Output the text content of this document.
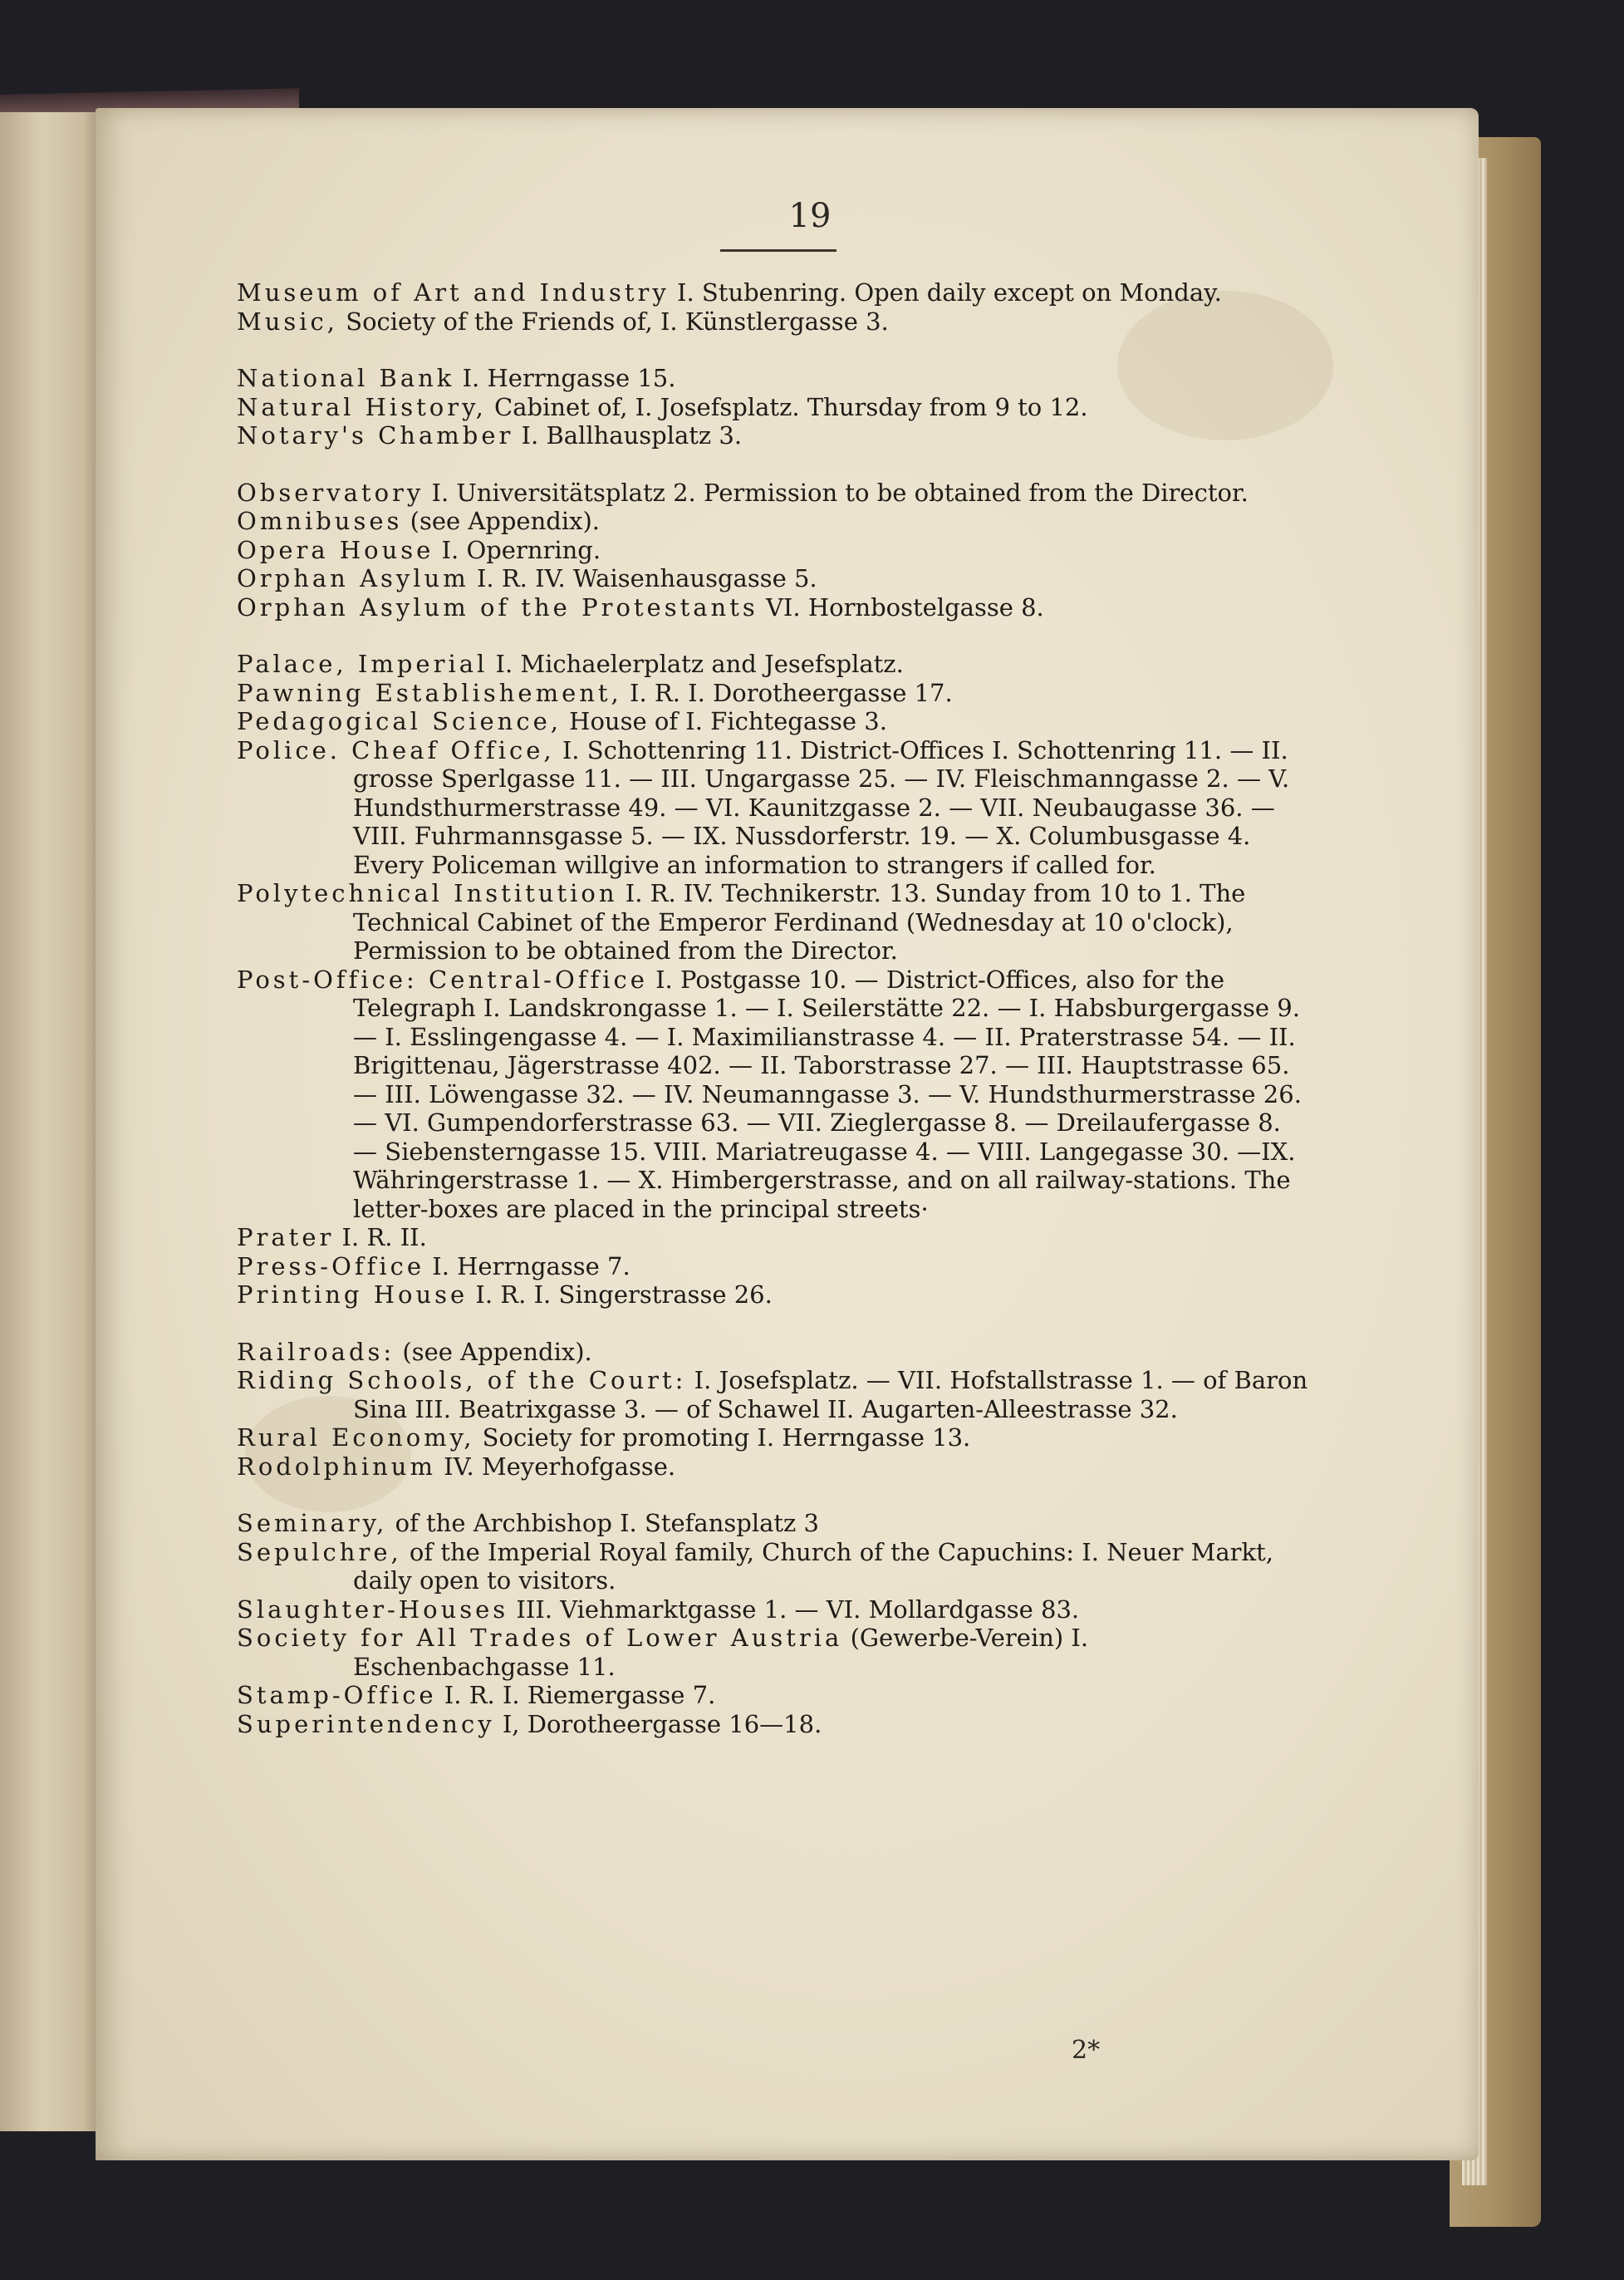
19
Museum of Art and Industry I. Stubenring. Open daily except on Monday.
Music, Society of the Friends of, I. Künstlergasse 3.
National Bank I. Herrngasse 15.
Natural History, Cabinet of, I. Josefsplatz. Thursday from 9 to 12.
Notary's Chamber I. Ballhausplatz 3.
Observatory I. Universitätsplatz 2. Permission to be obtained from the Director.
Omnibuses (see Appendix).
Opera House I. Opernring.
Orphan Asylum I. R. IV. Waisenhausgasse 5.
Orphan Asylum of the Protestants VI. Hornbostelgasse 8.
Palace, Imperial I. Michaelerplatz and Jesefsplatz.
Pawning Establishement, I. R. I. Dorotheergasse 17.
Pedagogical Science, House of I. Fichtegasse 3.
Police. Cheaf Office, I. Schottenring 11. District-Offices I. Schottenring 11. — II. grosse Sperlgasse 11. — III. Ungargasse 25. — IV. Fleischmanngasse 2. — V. Hundsthurmerstrasse 49. — VI. Kaunitzgasse 2. — VII. Neubaugasse 36. — VIII. Fuhrmannsgasse 5. — IX. Nussdorferstr. 19. — X. Columbusgasse 4. Every Policeman willgive an information to strangers if called for.
Polytechnical Institution I. R. IV. Technikerstr. 13. Sunday from 10 to 1. The Technical Cabinet of the Emperor Ferdinand (Wednesday at 10 o'clock), Permission to be obtained from the Director.
Post-Office: Central-Office I. Postgasse 10. — District-Offices, also for the Telegraph I. Landskrongasse 1. — I. Seilerstätte 22. — I. Habsburgergasse 9. — I. Esslingengasse 4. — I. Maximilianstrasse 4. — II. Praterstrasse 54. — II. Brigittenau, Jägerstrasse 402. — II. Taborstrasse 27. — III. Hauptstrasse 65. — III. Löwengasse 32. — IV. Neumanngasse 3. — V. Hundsthurmerstrasse 26. — VI. Gumpendorferstrasse 63. — VII. Zieglergasse 8. — Dreilaufergasse 8. — Siebensterngasse 15. VIII. Mariatreugasse 4. — VIII. Langegasse 30. —IX. Währingerstrasse 1. — X. Himbergerstrasse, and on all railway-stations. The letter-boxes are placed in the principal streets·
Prater I. R. II.
Press-Office I. Herrngasse 7.
Printing House I. R. I. Singerstrasse 26.
Railroads: (see Appendix).
Riding Schools, of the Court: I. Josefsplatz. — VII. Hofstallstrasse 1. — of Baron Sina III. Beatrixgasse 3. — of Schawel II. Augarten-Alleestrasse 32.
Rural Economy, Society for promoting I. Herrngasse 13.
Rodolphinum IV. Meyerhofgasse.
Seminary, of the Archbishop I. Stefansplatz 3
Sepulchre, of the Imperial Royal family, Church of the Capuchins: I. Neuer Markt, daily open to visitors.
Slaughter-Houses III. Viehmarktgasse 1. — VI. Mollardgasse 83.
Society for All Trades of Lower Austria (Gewerbe-Verein) I. Eschenbachgasse 11.
Stamp-Office I. R. I. Riemergasse 7.
Superintendency I, Dorotheergasse 16—18.
2*
